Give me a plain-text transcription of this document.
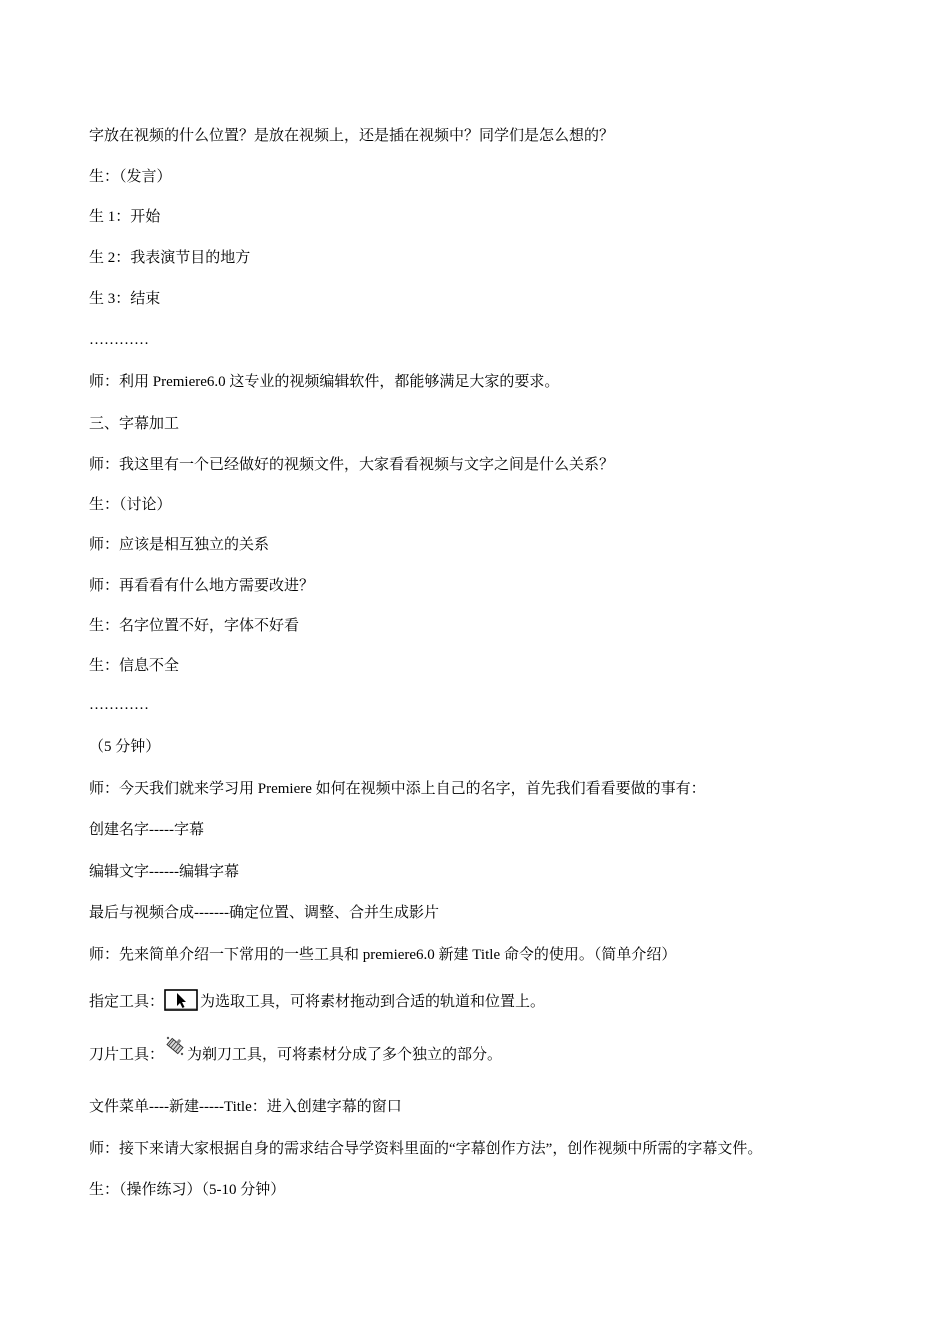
字放在视频的什么位置？是放在视频上，还是插在视频中？同学们是怎么想的？
生：（发言）
生 1：开始
生 2：我表演节目的地方
生 3：结束
…………
师：利用 Premiere6.0 这专业的视频编辑软件，都能够满足大家的要求。
三、字幕加工
师：我这里有一个已经做好的视频文件，大家看看视频与文字之间是什么关系？
生：（讨论）
师：应该是相互独立的关系
师：再看看有什么地方需要改进？
生：名字位置不好，字体不好看
生：信息不全
…………
（5 分钟）
师：今天我们就来学习用 Premiere 如何在视频中添上自己的名字，首先我们看看要做的事有：
创建名字-----字幕
编辑文字------编辑字幕
最后与视频合成-------确定位置、调整、合并生成影片
师：先来简单介绍一下常用的一些工具和 premiere6.0 新建 Title 命令的使用。（简单介绍）
指定工具： 为选取工具，可将素材拖动到合适的轨道和位置上。
刀片工具： 为剃刀工具，可将素材分成了多个独立的部分。
文件菜单----新建-----Title：进入创建字幕的窗口
师：接下来请大家根据自身的需求结合导学资料里面的“字幕创作方法”，创作视频中所需的字幕文件。
生：（操作练习）（5-10 分钟）
